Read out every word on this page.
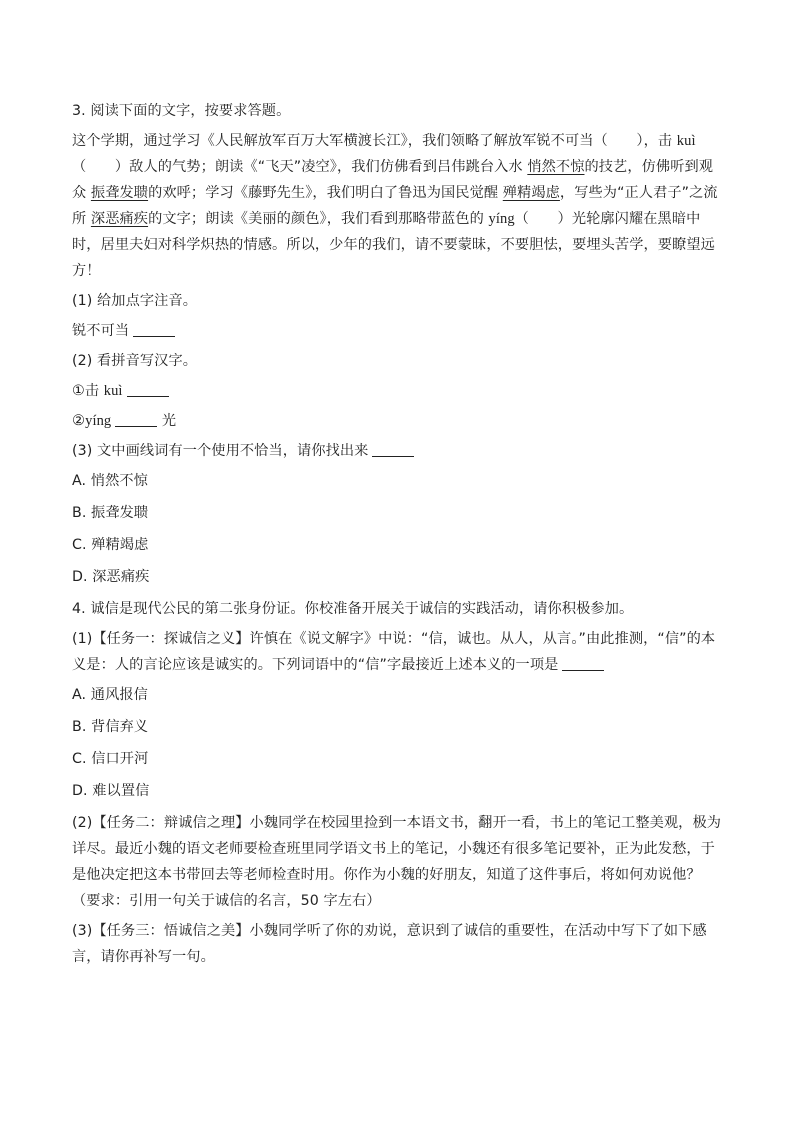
3. 阅读下面的文字，按要求答题。

这个学期，通过学习《人民解放军百万大军横渡长江》，我们领略了解放军锐不可当（　　），击 kuì
（　　）敌人的气势；朗读《“飞天”凌空》，我们仿佛看到吕伟跳台入水 悄然不惊的技艺，仿佛听到观众 振聋发聩的欢呼；学习《藤野先生》，我们明白了鲁迅为国民觉醒 殚精竭虑，写些为“正人君子”之流所 深恶痛疾的文字；朗读《美丽的颜色》，我们看到那略带蓝色的 yíng（　　）光轮廓闪耀在黑暗中时，居里夫妇对科学炽热的情感。所以，少年的我们，请不要蒙昧，不要胆怯，要埋头苦学，要瞭望远方！

(1) 给加点字注音。

锐不可当

(2) 看拼音写汉字。

①击 kuì

②yíng	光

(3) 文中画线词有一个使用不恰当，请你找出来

A. 悄然不惊

B. 振聋发聩

C. 殚精竭虑

D. 深恶痛疾

4. 诚信是现代公民的第二张身份证。你校准备开展关于诚信的实践活动，请你积极参加。

(1)【任务一：探诚信之义】许慎在《说文解字》中说：“信，诚也。从人，从言。”由此推测，“信”的本义是：人的言论应该是诚实的。下列词语中的“信”字最接近上述本义的一项是

A. 通风报信

B. 背信弃义

C. 信口开河

D. 难以置信

(2)【任务二：辩诚信之理】小魏同学在校园里捡到一本语文书，翻开一看，书上的笔记工整美观，极为详尽。最近小魏的语文老师要检查班里同学语文书上的笔记，小魏还有很多笔记要补，正为此发愁，于是他决定把这本书带回去等老师检查时用。你作为小魏的好朋友，知道了这件事后，将如何劝说他？（要求：引用一句关于诚信的名言，50 字左右）

(3)【任务三：悟诚信之美】小魏同学听了你的劝说，意识到了诚信的重要性，在活动中写下了如下感言，请你再补写一句。
